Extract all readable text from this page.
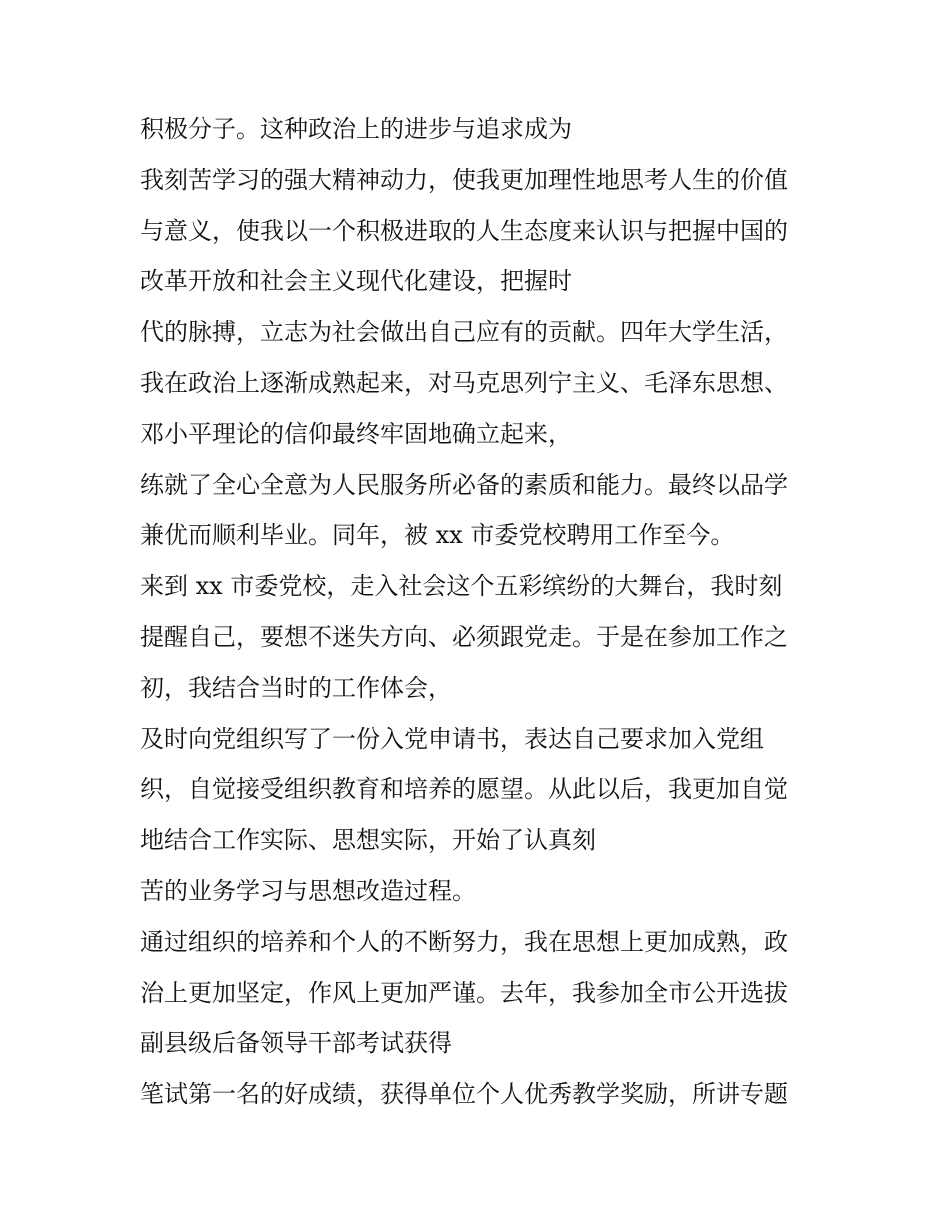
积极分子。这种政治上的进步与追求成为
我刻苦学习的强大精神动力，使我更加理性地思考人生的价值
与意义，使我以一个积极进取的人生态度来认识与把握中国的
改革开放和社会主义现代化建设，把握时
代的脉搏，立志为社会做出自己应有的贡献。四年大学生活，
我在政治上逐渐成熟起来，对马克思列宁主义、毛泽东思想、
邓小平理论的信仰最终牢固地确立起来，
练就了全心全意为人民服务所必备的素质和能力。最终以品学
兼优而顺利毕业。同年，被 xx 市委党校聘用工作至今。
来到 xx 市委党校，走入社会这个五彩缤纷的大舞台，我时刻
提醒自己，要想不迷失方向、必须跟党走。于是在参加工作之
初，我结合当时的工作体会，
及时向党组织写了一份入党申请书，表达自己要求加入党组
织，自觉接受组织教育和培养的愿望。从此以后，我更加自觉
地结合工作实际、思想实际，开始了认真刻
苦的业务学习与思想改造过程。
通过组织的培养和个人的不断努力，我在思想上更加成熟，政
治上更加坚定，作风上更加严谨。去年，我参加全市公开选拔
副县级后备领导干部考试获得
笔试第一名的好成绩，获得单位个人优秀教学奖励，所讲专题
